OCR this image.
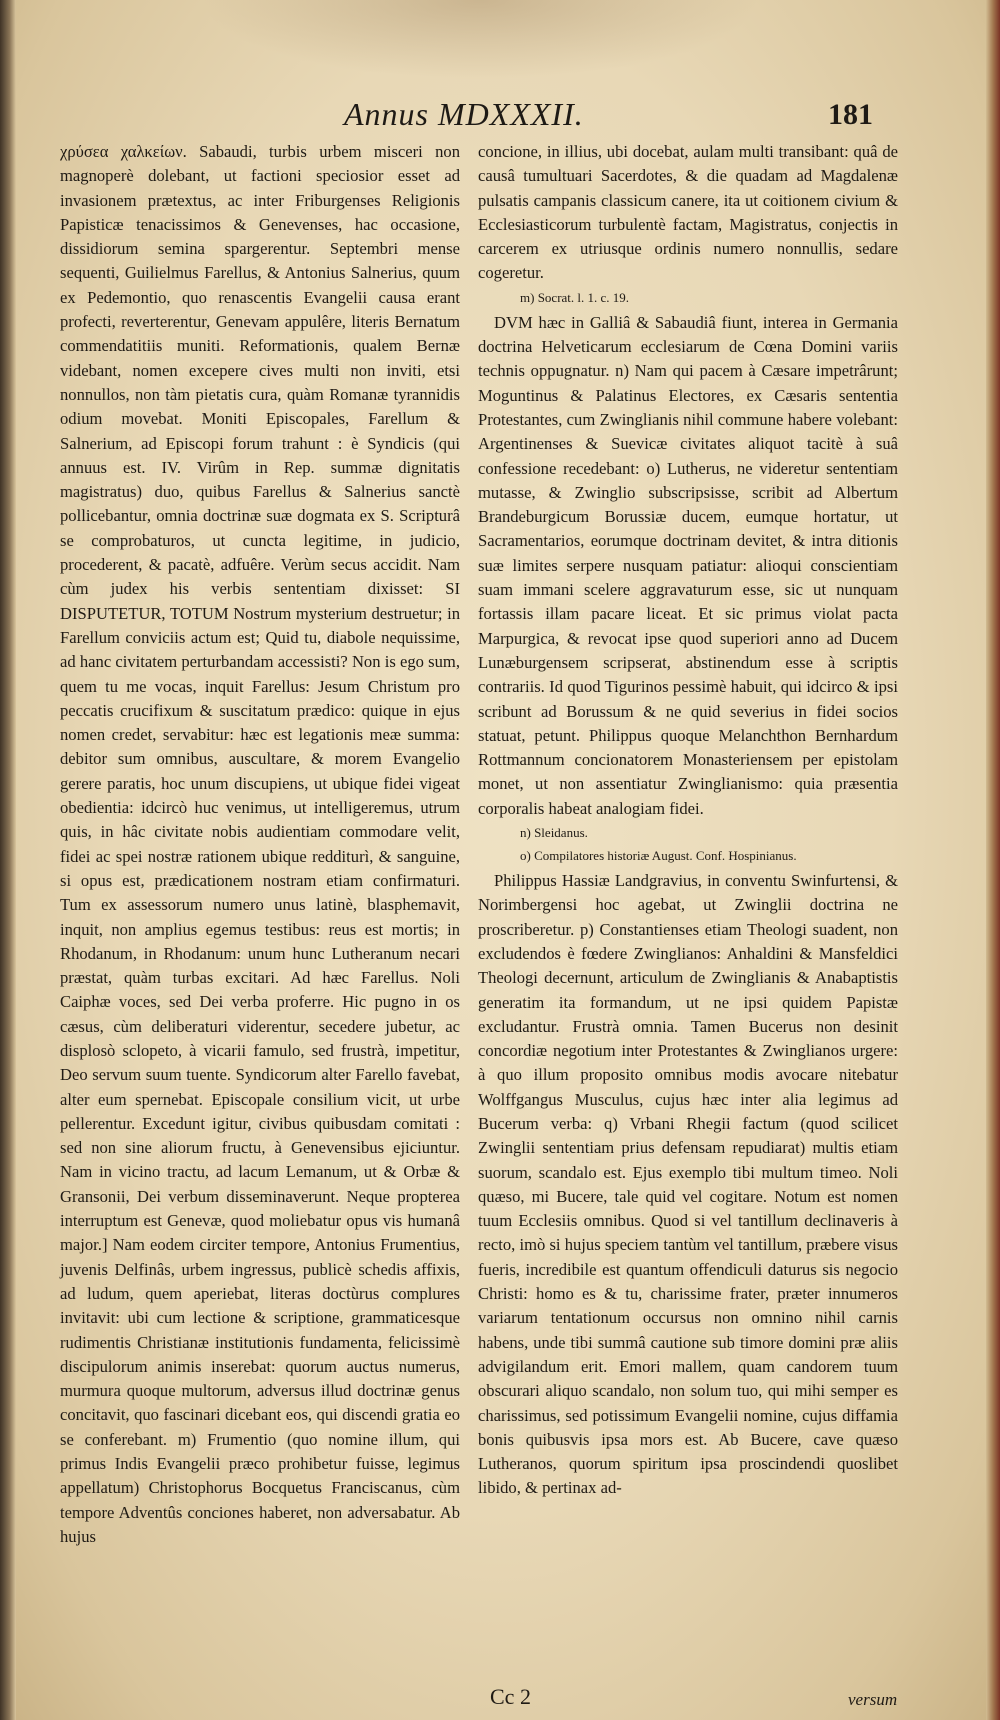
Annus MDXXXII.	181

χρύσεα χαλκείων. Sabaudi, turbis urbem misceri non magnoperè dolebant, ut factioni speciosior esset ad invasionem prætextus, ac inter Friburgenses Religionis Papisticæ tenacissimos & Genevenses, hac occasione, dissidiorum semina spargerentur. Septembri mense sequenti, Guilielmus Farellus, & Antonius Salnerius, quum ex Pedemontio, quo renascentis Evangelii causa erant profecti, reverterentur, Genevam appulêre, literis Bernatum commendatitiis muniti. Reformationis, qualem Bernæ videbant, nomen excepere cives multi non inviti, etsi nonnullos, non tàm pietatis cura, quàm Romanæ tyrannidis odium movebat. Moniti Episcopales, Farellum & Salnerium, ad Episcopi forum trahunt : è Syndicis (qui annuus est. IV. Virûm in Rep. summæ dignitatis magistratus) duo, quibus Farellus & Salnerius sanctè pollicebantur, omnia doctrinæ suæ dogmata ex S. Scripturâ se comprobaturos, ut cuncta legitime, in judicio, procederent, & pacatè, adfuêre. Verùm secus accidit. Nam cùm judex his verbis sententiam dixisset: SI DISPUTETUR, TOTUM Nostrum mysterium destruetur; in Farellum conviciis actum est; Quid tu, diabole nequissime, ad hanc civitatem perturbandam accessisti? Non is ego sum, quem tu me vocas, inquit Farellus: Jesum Christum pro peccatis crucifixum & suscitatum prædico: quique in ejus nomen credet, servabitur: hæc est legationis meæ summa: debitor sum omnibus, auscultare, & morem Evangelio gerere paratis, hoc unum discupiens, ut ubique fidei vigeat obedientia: idcircò huc venimus, ut intelligeremus, utrum quis, in hâc civitate nobis audientiam commodare velit, fidei ac spei nostræ rationem ubique redditurì, & sanguine, si opus est, prædicationem nostram etiam confirmaturi. Tum ex assessorum numero unus latinè, blasphemavit, inquit, non amplius egemus testibus: reus est mortis; in Rhodanum, in Rhodanum: unum hunc Lutheranum necari præstat, quàm turbas excitari. Ad hæc Farellus. Noli Caiphæ voces, sed Dei verba proferre. Hic pugno in os cæsus, cùm deliberaturi viderentur, secedere jubetur, ac displosò sclopeto, à vicarii famulo, sed frustrà, impetitur, Deo servum suum tuente. Syndicorum alter Farello favebat, alter eum spernebat. Episcopale consilium vicit, ut urbe pellerentur. Excedunt igitur, civibus quibusdam comitati : sed non sine aliorum fructu, à Genevensibus ejiciuntur. Nam in vicino tractu, ad lacum Lemanum, ut & Orbæ & Gransonii, Dei verbum disseminaverunt. Neque propterea interruptum est Genevæ, quod moliebatur opus vis humanâ major.] Nam eodem circiter tempore, Antonius Frumentius, juvenis Delfinâs, urbem ingressus, publicè schedis affixis, ad ludum, quem aperiebat, literas doctùrus complures invitavit: ubi cum lectione & scriptione, grammaticesque rudimentis Christianæ institutionis fundamenta, felicissimè discipulorum animis inserebat: quorum auctus numerus, murmura quoque multorum, adversus illud doctrinæ genus concitavit, quo fascinari dicebant eos, qui discendi gratia eo se conferebant. m) Frumentio (quo nomine illum, qui primus Indis Evangelii præco prohibetur fuisse, legimus appellatum) Christophorus Bocquetus Franciscanus, cùm tempore Adventûs conciones haberet, non adversabatur. Ab hujus

concione, in illius, ubi docebat, aulam multi transibant: quâ de causâ tumultuari Sacerdotes, & die quadam ad Magdalenæ pulsatis campanis classicum canere, ita ut coitionem civium & Ecclesiasticorum turbulentè factam, Magistratus, conjectis in carcerem ex utriusque ordinis numero nonnullis, sedare cogeretur.

m) Socrat. l. 1. c. 19.

DVM hæc in Galliâ & Sabaudiâ fiunt, interea in Germania doctrina Helveticarum ecclesiarum de Cœna Domini variis technis oppugnatur. n) Nam qui pacem à Cæsare impetrârunt; Moguntinus & Palatinus Electores, ex Cæsaris sententia Protestantes, cum Zwinglianis nihil commune habere volebant: Argentinenses & Suevicæ civitates aliquot tacitè à suâ confessione recedebant: o) Lutherus, ne videretur sententiam mutasse, & Zwinglio subscripsisse, scribit ad Albertum Brandeburgicum Borussiæ ducem, eumque hortatur, ut Sacramentarios, eorumque doctrinam devitet, & intra ditionis suæ limites serpere nusquam patiatur: alioqui conscientiam suam immani scelere aggravaturum esse, sic ut nunquam fortassis illam pacare liceat. Et sic primus violat pacta Marpurgica, & revocat ipse quod superiori anno ad Ducem Lunæburgensem scripserat, abstinendum esse à scriptis contrariis. Id quod Tigurinos pessimè habuit, qui idcirco & ipsi scribunt ad Borussum & ne quid severius in fidei socios statuat, petunt. Philippus quoque Melanchthon Bernhardum Rottmannum concionatorem Monasteriensem per epistolam monet, ut non assentiatur Zwinglianismo: quia præsentia corporalis habeat analogiam fidei.

n) Sleidanus.

o) Compilatores historiæ August. Conf. Hospinianus.

Philippus Hassiæ Landgravius, in conventu Swinfurtensi, & Norimbergensi hoc agebat, ut Zwinglii doctrina ne proscriberetur. p) Constantienses etiam Theologi suadent, non excludendos è fœdere Zwinglianos: Anhaldini & Mansfeldici Theologi decernunt, articulum de Zwinglianis & Anabaptistis generatim ita formandum, ut ne ipsi quidem Papistæ excludantur. Frustrà omnia. Tamen Bucerus non desinit concordiæ negotium inter Protestantes & Zwinglianos urgere: à quo illum proposito omnibus modis avocare nitebatur Wolffgangus Musculus, cujus hæc inter alia legimus ad Bucerum verba: q) Vrbani Rhegii factum (quod scilicet Zwinglii sententiam prius defensam repudiarat) multis etiam suorum, scandalo est. Ejus exemplo tibi multum timeo. Noli quæso, mi Bucere, tale quid vel cogitare. Notum est nomen tuum Ecclesiis omnibus. Quod si vel tantillum declinaveris à recto, imò si hujus speciem tantùm vel tantillum, præbere visus fueris, incredibile est quantum offendiculi daturus sis negocio Christi: homo es & tu, charissime frater, præter innumeros variarum tentationum occursus non omnino nihil carnis habens, unde tibi summâ cautione sub timore domini præ aliis advigilandum erit. Emori mallem, quam candorem tuum obscurari aliquo scandalo, non solum tuo, qui mihi semper es charissimus, sed potissimum Evangelii nomine, cujus diffamia bonis quibusvis ipsa mors est. Ab Bucere, cave quæso Lutheranos, quorum spiritum ipsa proscindendi quoslibet libido, & pertinax ad-

Cc 2	versum
